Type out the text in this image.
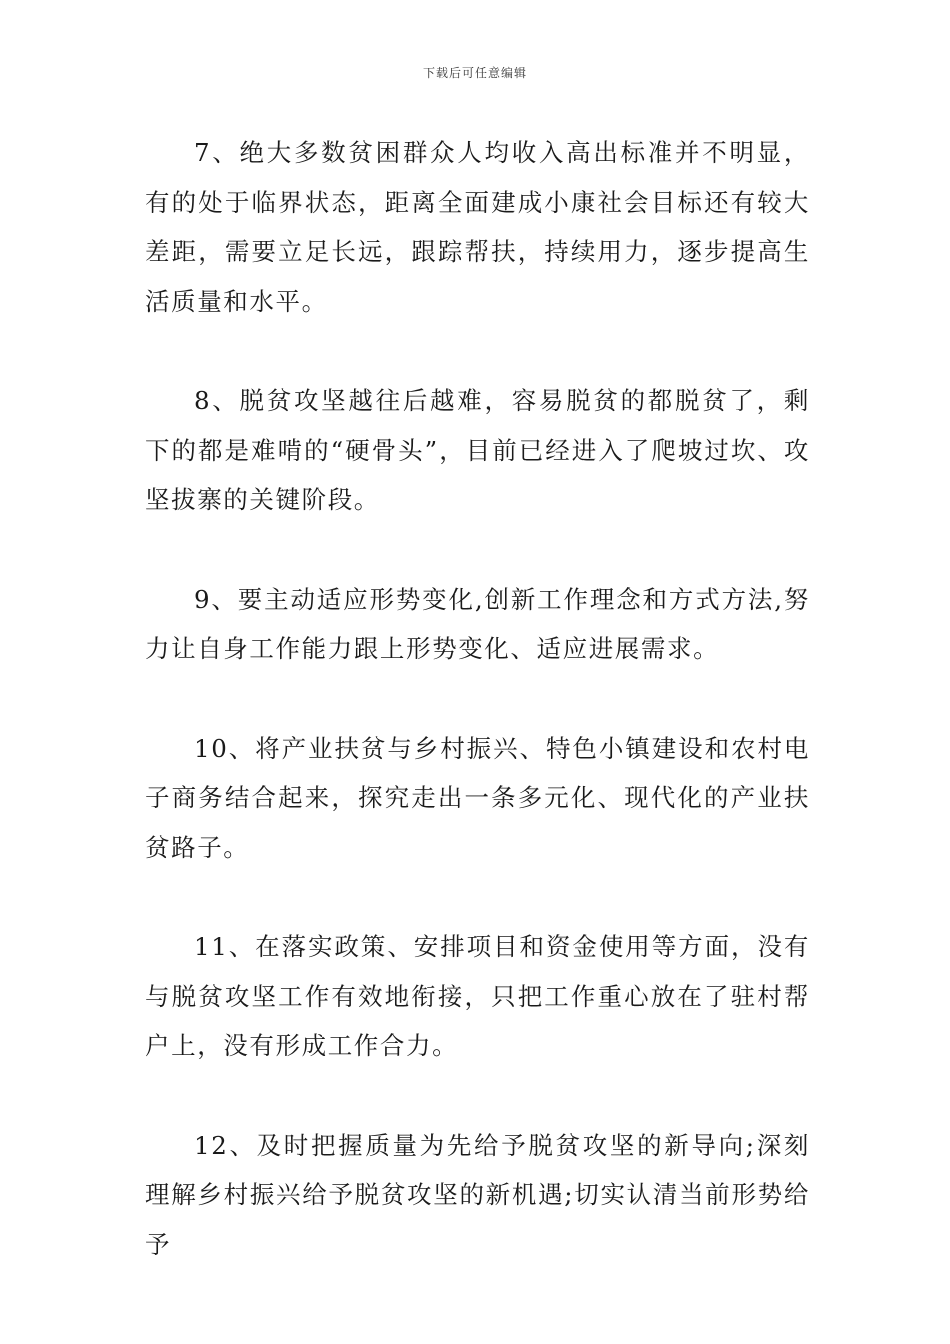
下载后可任意编辑

7、绝大多数贫困群众人均收入高出标准并不明显，有的处于临界状态，距离全面建成小康社会目标还有较大差距，需要立足长远，跟踪帮扶，持续用力，逐步提高生活质量和水平。

8、脱贫攻坚越往后越难，容易脱贫的都脱贫了，剩下的都是难啃的“硬骨头”，目前已经进入了爬坡过坎、攻坚拔寨的关键阶段。

9、要主动适应形势变化,创新工作理念和方式方法,努力让自身工作能力跟上形势变化、适应进展需求。

10、将产业扶贫与乡村振兴、特色小镇建设和农村电子商务结合起来，探究走出一条多元化、现代化的产业扶贫路子。

11、在落实政策、安排项目和资金使用等方面，没有与脱贫攻坚工作有效地衔接，只把工作重心放在了驻村帮户上，没有形成工作合力。

12、及时把握质量为先给予脱贫攻坚的新导向;深刻理解乡村振兴给予脱贫攻坚的新机遇;切实认清当前形势给予
